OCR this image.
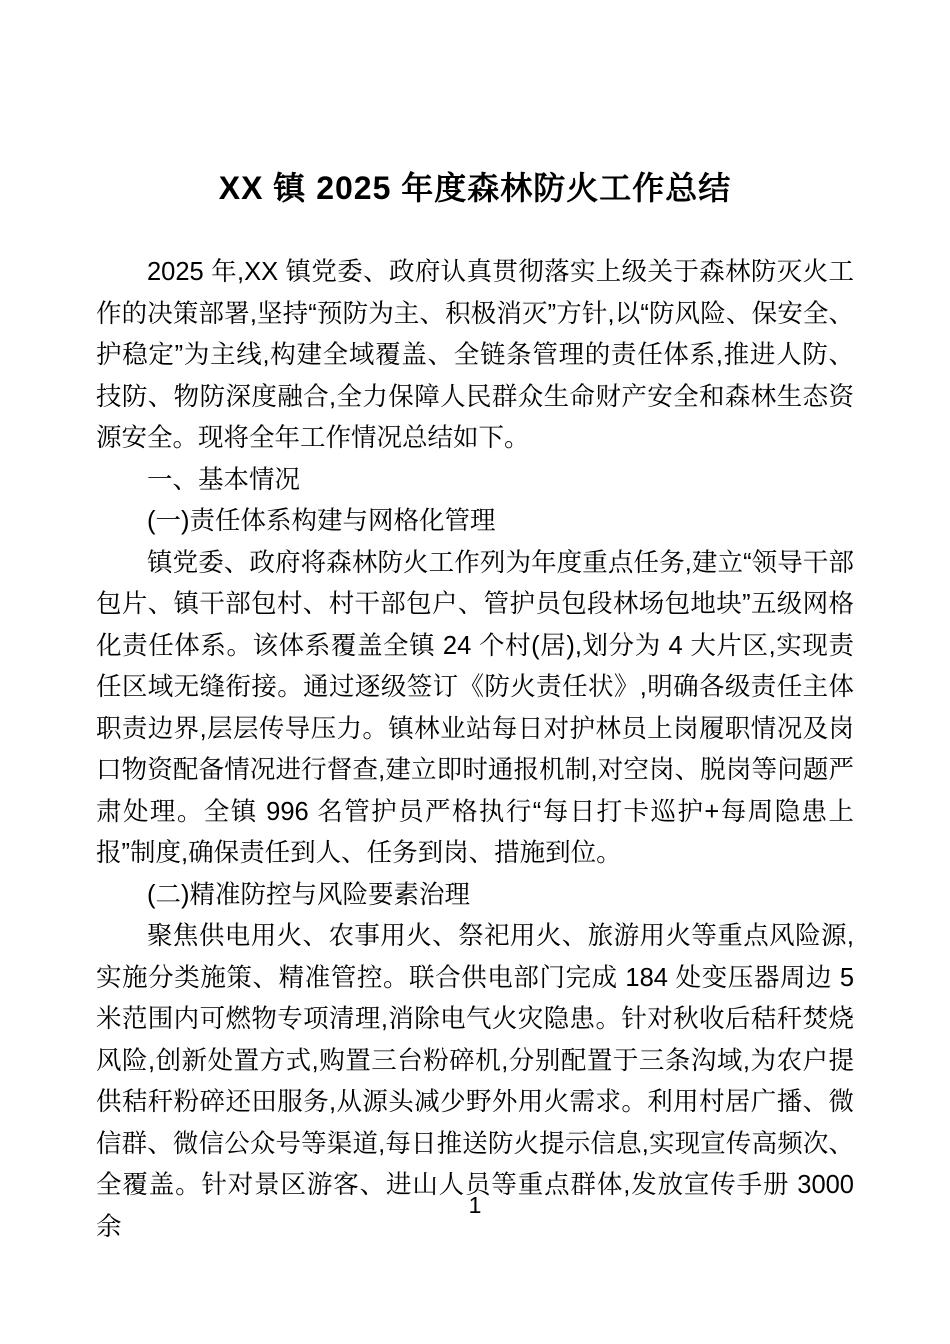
XX 镇 2025 年度森林防火工作总结

2025 年,XX 镇党委、政府认真贯彻落实上级关于森林防灭火工作的决策部署,坚持“预防为主、积极消灭”方针,以“防风险、保安全、护稳定”为主线,构建全域覆盖、全链条管理的责任体系,推进人防、技防、物防深度融合,全力保障人民群众生命财产安全和森林生态资源安全。现将全年工作情况总结如下。

一、基本情况

(一)责任体系构建与网格化管理

镇党委、政府将森林防火工作列为年度重点任务,建立“领导干部包片、镇干部包村、村干部包户、管护员包段林场包地块”五级网格化责任体系。该体系覆盖全镇 24 个村(居),划分为 4 大片区,实现责任区域无缝衔接。通过逐级签订《防火责任状》,明确各级责任主体职责边界,层层传导压力。镇林业站每日对护林员上岗履职情况及岗口物资配备情况进行督查,建立即时通报机制,对空岗、脱岗等问题严肃处理。全镇 996 名管护员严格执行“每日打卡巡护+每周隐患上报”制度,确保责任到人、任务到岗、措施到位。

(二)精准防控与风险要素治理

聚焦供电用火、农事用火、祭祀用火、旅游用火等重点风险源,实施分类施策、精准管控。联合供电部门完成 184 处变压器周边 5 米范围内可燃物专项清理,消除电气火灾隐患。针对秋收后秸秆焚烧风险,创新处置方式,购置三台粉碎机,分别配置于三条沟域,为农户提供秸秆粉碎还田服务,从源头减少野外用火需求。利用村居广播、微信群、微信公众号等渠道,每日推送防火提示信息,实现宣传高频次、全覆盖。针对景区游客、进山人员等重点群体,发放宣传手册 3000 余

1
